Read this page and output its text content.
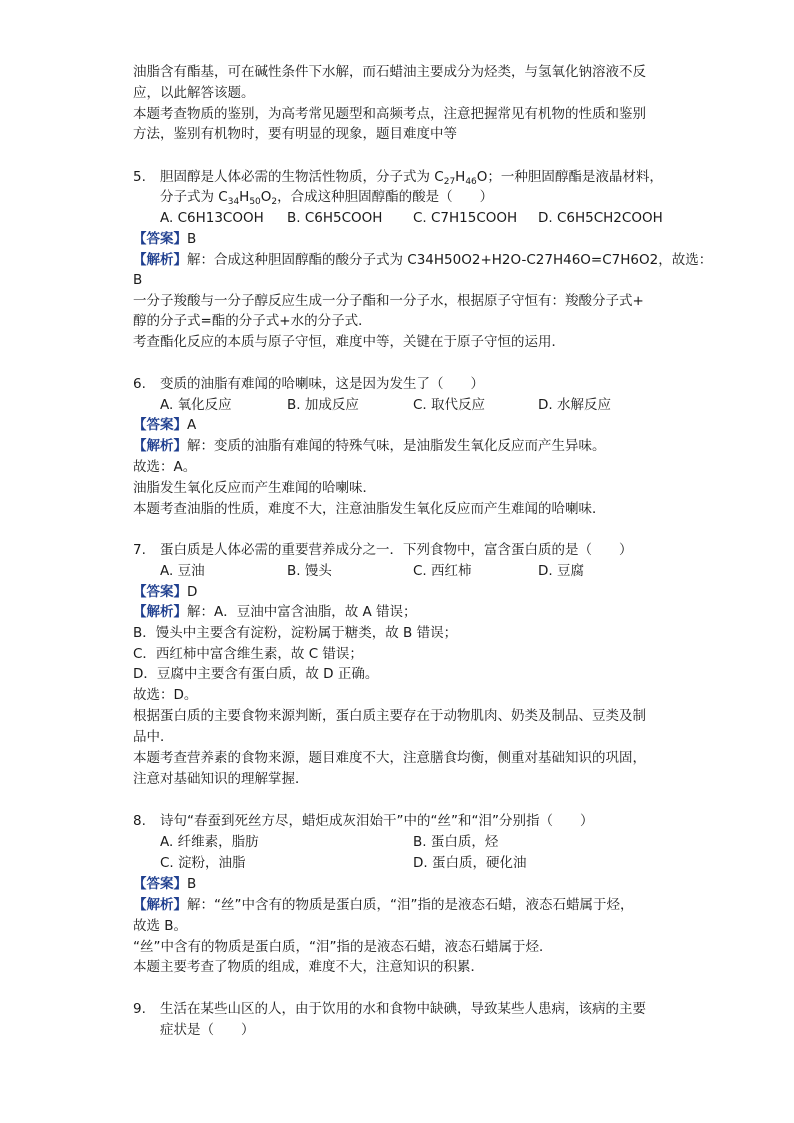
油脂含有酯基，可在碱性条件下水解，而石蜡油主要成分为烃类，与氢氧化钠溶液不反
应，以此解答该题。
本题考查物质的鉴别，为高考常见题型和高频考点，注意把握常见有机物的性质和鉴别
方法，鉴别有机物时，要有明显的现象，题目难度中等
5. 胆固醇是人体必需的生物活性物质，分子式为 $C_{27}H_{46}O$；一种胆固醇酯是液晶材料，
分子式为 $C_{34}H_{50}O_2$，合成这种胆固醇酯的酸是（　　）
A. C6H13COOH B. C6H5COOH C. C7H15COOH D. C6H5CH2COOH
【答案】B
【解析】解：合成这种胆固醇酯的酸分子式为 C34H50O2+H2O-C27H46O=C7H6O2，故选：
B
一分子羧酸与一分子醇反应生成一分子酯和一分子水，根据原子守恒有：羧酸分子式+
醇的分子式=酯的分子式+水的分子式．
考查酯化反应的本质与原子守恒，难度中等，关键在于原子守恒的运用．
6. 变质的油脂有难闻的哈喇味，这是因为发生了（　　）
A. 氧化反应	B. 加成反应	C. 取代反应	D. 水解反应
【答案】A
【解析】解：变质的油脂有难闻的特殊气味，是油脂发生氧化反应而产生异味。
故选：A。
油脂发生氧化反应而产生难闻的哈喇味．
本题考查油脂的性质，难度不大，注意油脂发生氧化反应而产生难闻的哈喇味．
7. 蛋白质是人体必需的重要营养成分之一．下列食物中，富含蛋白质的是（　　）
A. 豆油	B. 馒头	C. 西红柿	D. 豆腐
【答案】D
【解析】解：A．豆油中富含油脂，故 A 错误；
B．馒头中主要含有淀粉，淀粉属于糖类，故 B 错误；
C．西红柿中富含维生素，故 C 错误；
D．豆腐中主要含有蛋白质，故 D 正确。
故选：D。
根据蛋白质的主要食物来源判断，蛋白质主要存在于动物肌肉、奶类及制品、豆类及制
品中．
本题考查营养素的食物来源，题目难度不大，注意膳食均衡，侧重对基础知识的巩固，
注意对基础知识的理解掌握．
8. 诗句“春蚕到死丝方尽，蜡炬成灰泪始干”中的“丝”和“泪”分别指（　　）
A. 纤维素，脂肪	B. 蛋白质，烃
C. 淀粉，油脂	D. 蛋白质，硬化油
【答案】B
【解析】解：“丝”中含有的物质是蛋白质，“泪”指的是液态石蜡，液态石蜡属于烃，
故选 B。
“丝”中含有的物质是蛋白质，“泪”指的是液态石蜡，液态石蜡属于烃．
本题主要考查了物质的组成，难度不大，注意知识的积累．
9. 生活在某些山区的人，由于饮用的水和食物中缺碘，导致某些人患病，该病的主要
症状是（　　）
